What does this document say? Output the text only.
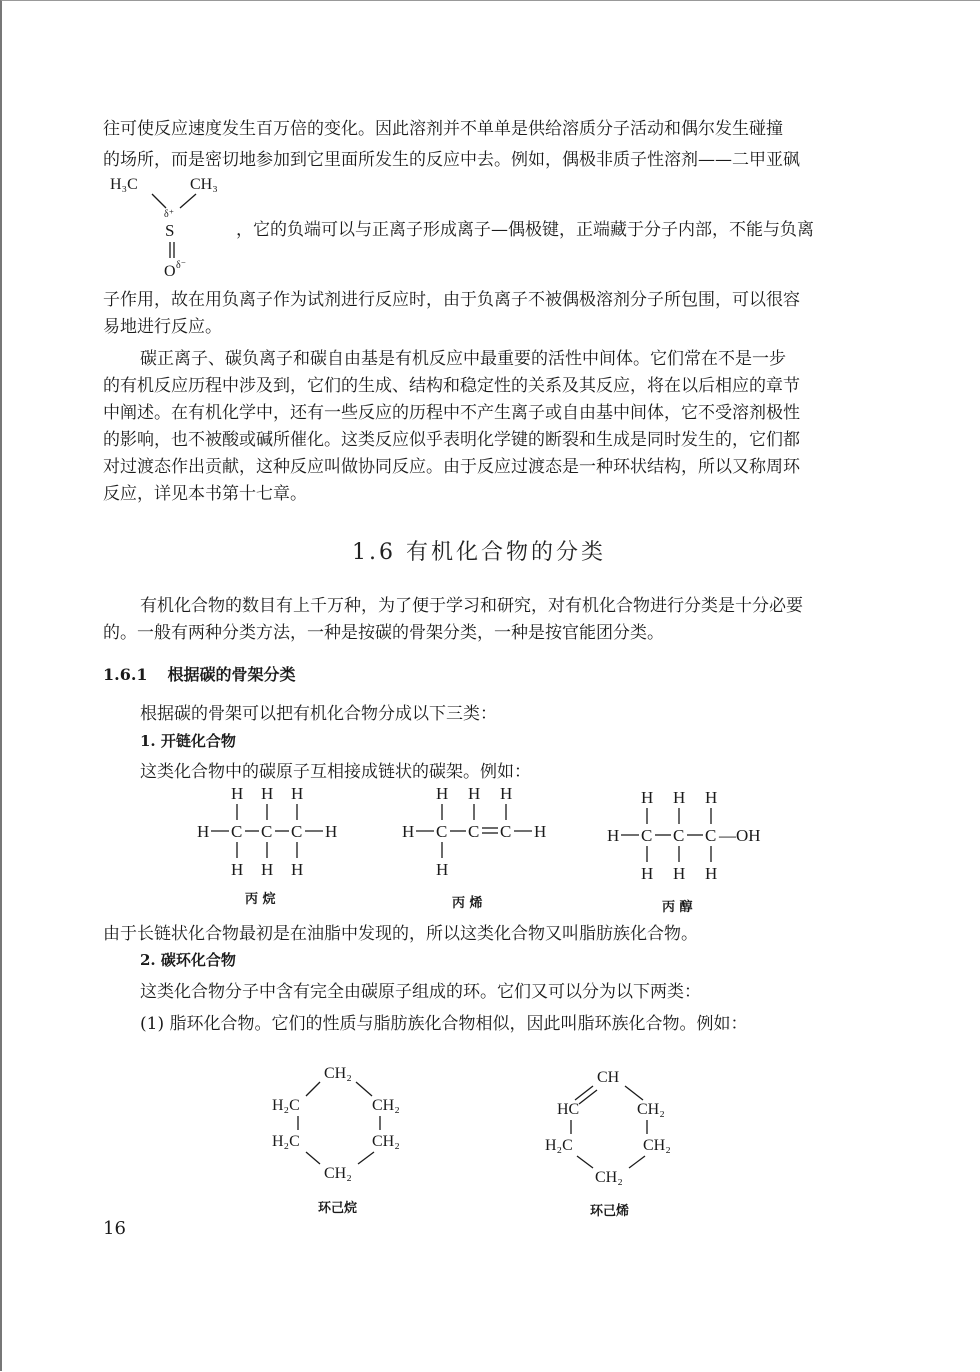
往可使反应速度发生百万倍的变化。因此溶剂并不单单是供给溶质分子活动和偶尔发生碰撞

的场所，而是密切地参加到它里面所发生的反应中去。例如，偶极非质子性溶剂——二甲亚砜

H₃C	CH₃
δ⁺
S
O δ⁻

，它的负端可以与正离子形成离子—偶极键，正端藏于分子内部，不能与负离

子作用，故在用负离子作为试剂进行反应时，由于负离子不被偶极溶剂分子所包围，可以很容

易地进行反应。

碳正离子、碳负离子和碳自由基是有机反应中最重要的活性中间体。它们常在不是一步

的有机反应历程中涉及到，它们的生成、结构和稳定性的关系及其反应，将在以后相应的章节

中阐述。在有机化学中，还有一些反应的历程中不产生离子或自由基中间体，它不受溶剂极性

的影响，也不被酸或碱所催化。这类反应似乎表明化学键的断裂和生成是同时发生的，它们都

对过渡态作出贡献，这种反应叫做协同反应。由于反应过渡态是一种环状结构，所以又称周环

反应，详见本书第十七章。

1.6 有机化合物的分类

有机化合物的数目有上千万种，为了便于学习和研究，对有机化合物进行分类是十分必要

的。一般有两种分类方法，一种是按碳的骨架分类，一种是按官能团分类。

1.6.1 根据碳的骨架分类

根据碳的骨架可以把有机化合物分成以下三类：

1. 开链化合物

这类化合物中的碳原子互相接成链状的碳架。例如：

H H H
H C C C H
H H H
丙 烷
H H H
H C C C H
H
丙 烯
H H H
H C C C —OH
H H H
丙 醇

由于长链状化合物最初是在油脂中发现的，所以这类化合物又叫脂肪族化合物。

2. 碳环化合物

这类化合物分子中含有完全由碳原子组成的环。它们又可以分为以下两类：

(1) 脂环化合物。它们的性质与脂肪族化合物相似，因此叫脂环族化合物。例如：

CH₂
H₂C	CH₂
H₂C	CH₂
CH₂
环己烷
CH
HC	CH₂
H₂C	CH₂
CH₂
环己烯
16
